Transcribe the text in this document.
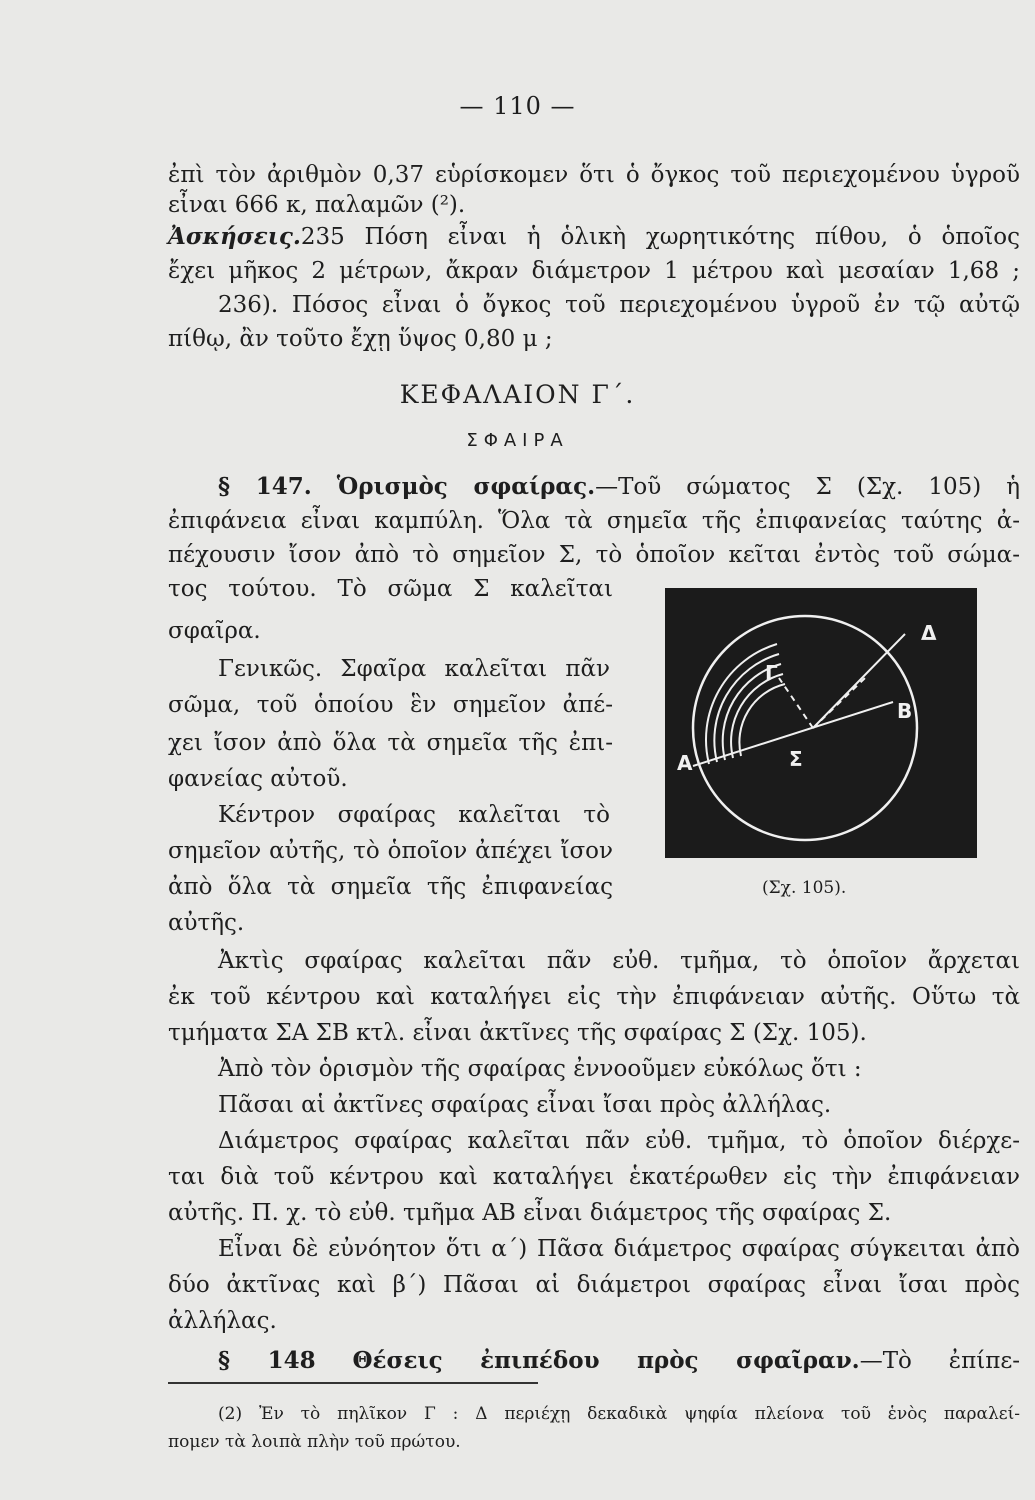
— 110 —
ἐπὶ τὸν ἀριθμὸν 0,37 εὑρίσκομεν ὅτι ὁ ὄγκος τοῦ περιεχομένου ὑγροῦ
εἶναι 666 κ, παλαμῶν (²).
Ἀσκήσεις.235 Πόση εἶναι ἡ ὁλικὴ χωρητικότης πίθου, ὁ ὁποῖος
ἔχει μῆκος 2 μέτρων, ἄκραν διάμετρον 1 μέτρου καὶ μεσαίαν 1,68 ;
236). Πόσος εἶναι ὁ ὄγκος τοῦ περιεχομένου ὑγροῦ ἐν τῷ αὐτῷ
πίθῳ, ἂν τοῦτο ἔχῃ ὕψος 0,80 μ ;
ΚΕΦΑΛΑΙΟΝ Γ΄.
ΣΦΑΙΡΑ
§ 147. Ὁρισμὸς σφαίρας.—Τοῦ σώματος Σ (Σχ. 105) ἡ
ἐπιφάνεια εἶναι καμπύλη. Ὅλα τὰ σημεῖα τῆς ἐπιφανείας ταύτης ἀ-
πέχουσιν ἴσον ἀπὸ τὸ σημεῖον Σ, τὸ ὁποῖον κεῖται ἐντὸς τοῦ σώμα-
τος τούτου. Τὸ σῶμα Σ καλεῖται
σφαῖρα.
Γενικῶς. Σφαῖρα καλεῖται πᾶν
σῶμα, τοῦ ὁποίου ἓν σημεῖον ἀπέ-
χει ἴσον ἀπὸ ὅλα τὰ σημεῖα τῆς ἐπι-
φανείας αὐτοῦ.
Κέντρον σφαίρας καλεῖται τὸ
σημεῖον αὐτῆς, τὸ ὁποῖον ἀπέχει ἴσον
ἀπὸ ὅλα τὰ σημεῖα τῆς ἐπιφανείας
αὐτῆς.
Ἀκτὶς σφαίρας καλεῖται πᾶν εὐθ. τμῆμα, τὸ ὁποῖον ἄρχεται
ἐκ τοῦ κέντρου καὶ καταλήγει εἰς τὴν ἐπιφάνειαν αὐτῆς. Οὕτω τὰ
τμήματα ΣΑ ΣΒ κτλ. εἶναι ἀκτῖνες τῆς σφαίρας Σ (Σχ. 105).
Ἀπὸ τὸν ὁρισμὸν τῆς σφαίρας ἐννοοῦμεν εὐκόλως ὅτι :
Πᾶσαι αἱ ἀκτῖνες σφαίρας εἶναι ἴσαι πρὸς ἀλλήλας.
Διάμετρος σφαίρας καλεῖται πᾶν εὐθ. τμῆμα, τὸ ὁποῖον διέρχε-
ται διὰ τοῦ κέντρου καὶ καταλήγει ἑκατέρωθεν εἰς τὴν ἐπιφάνειαν
αὐτῆς. Π. χ. τὸ εὐθ. τμῆμα ΑΒ εἶναι διάμετρος τῆς σφαίρας Σ.
Εἶναι δὲ εὐνόητον ὅτι α΄) Πᾶσα διάμετρος σφαίρας σύγκειται ἀπὸ
δύο ἀκτῖνας καὶ β΄) Πᾶσαι αἱ διάμετροι σφαίρας εἶναι ἴσαι πρὸς
ἀλλήλας.
§ 148 Θέσεις ἐπιπέδου πρὸς σφαῖραν.—Τὸ ἐπίπε-
Α
Β
Γ
Δ
Σ
(Σχ. 105).
(2) Ἐν τὸ πηλῖκον Γ : Δ περιέχῃ δεκαδικὰ ψηφία πλείονα τοῦ ἑνὸς παραλεί-
πομεν τὰ λοιπὰ πλὴν τοῦ πρώτου.
